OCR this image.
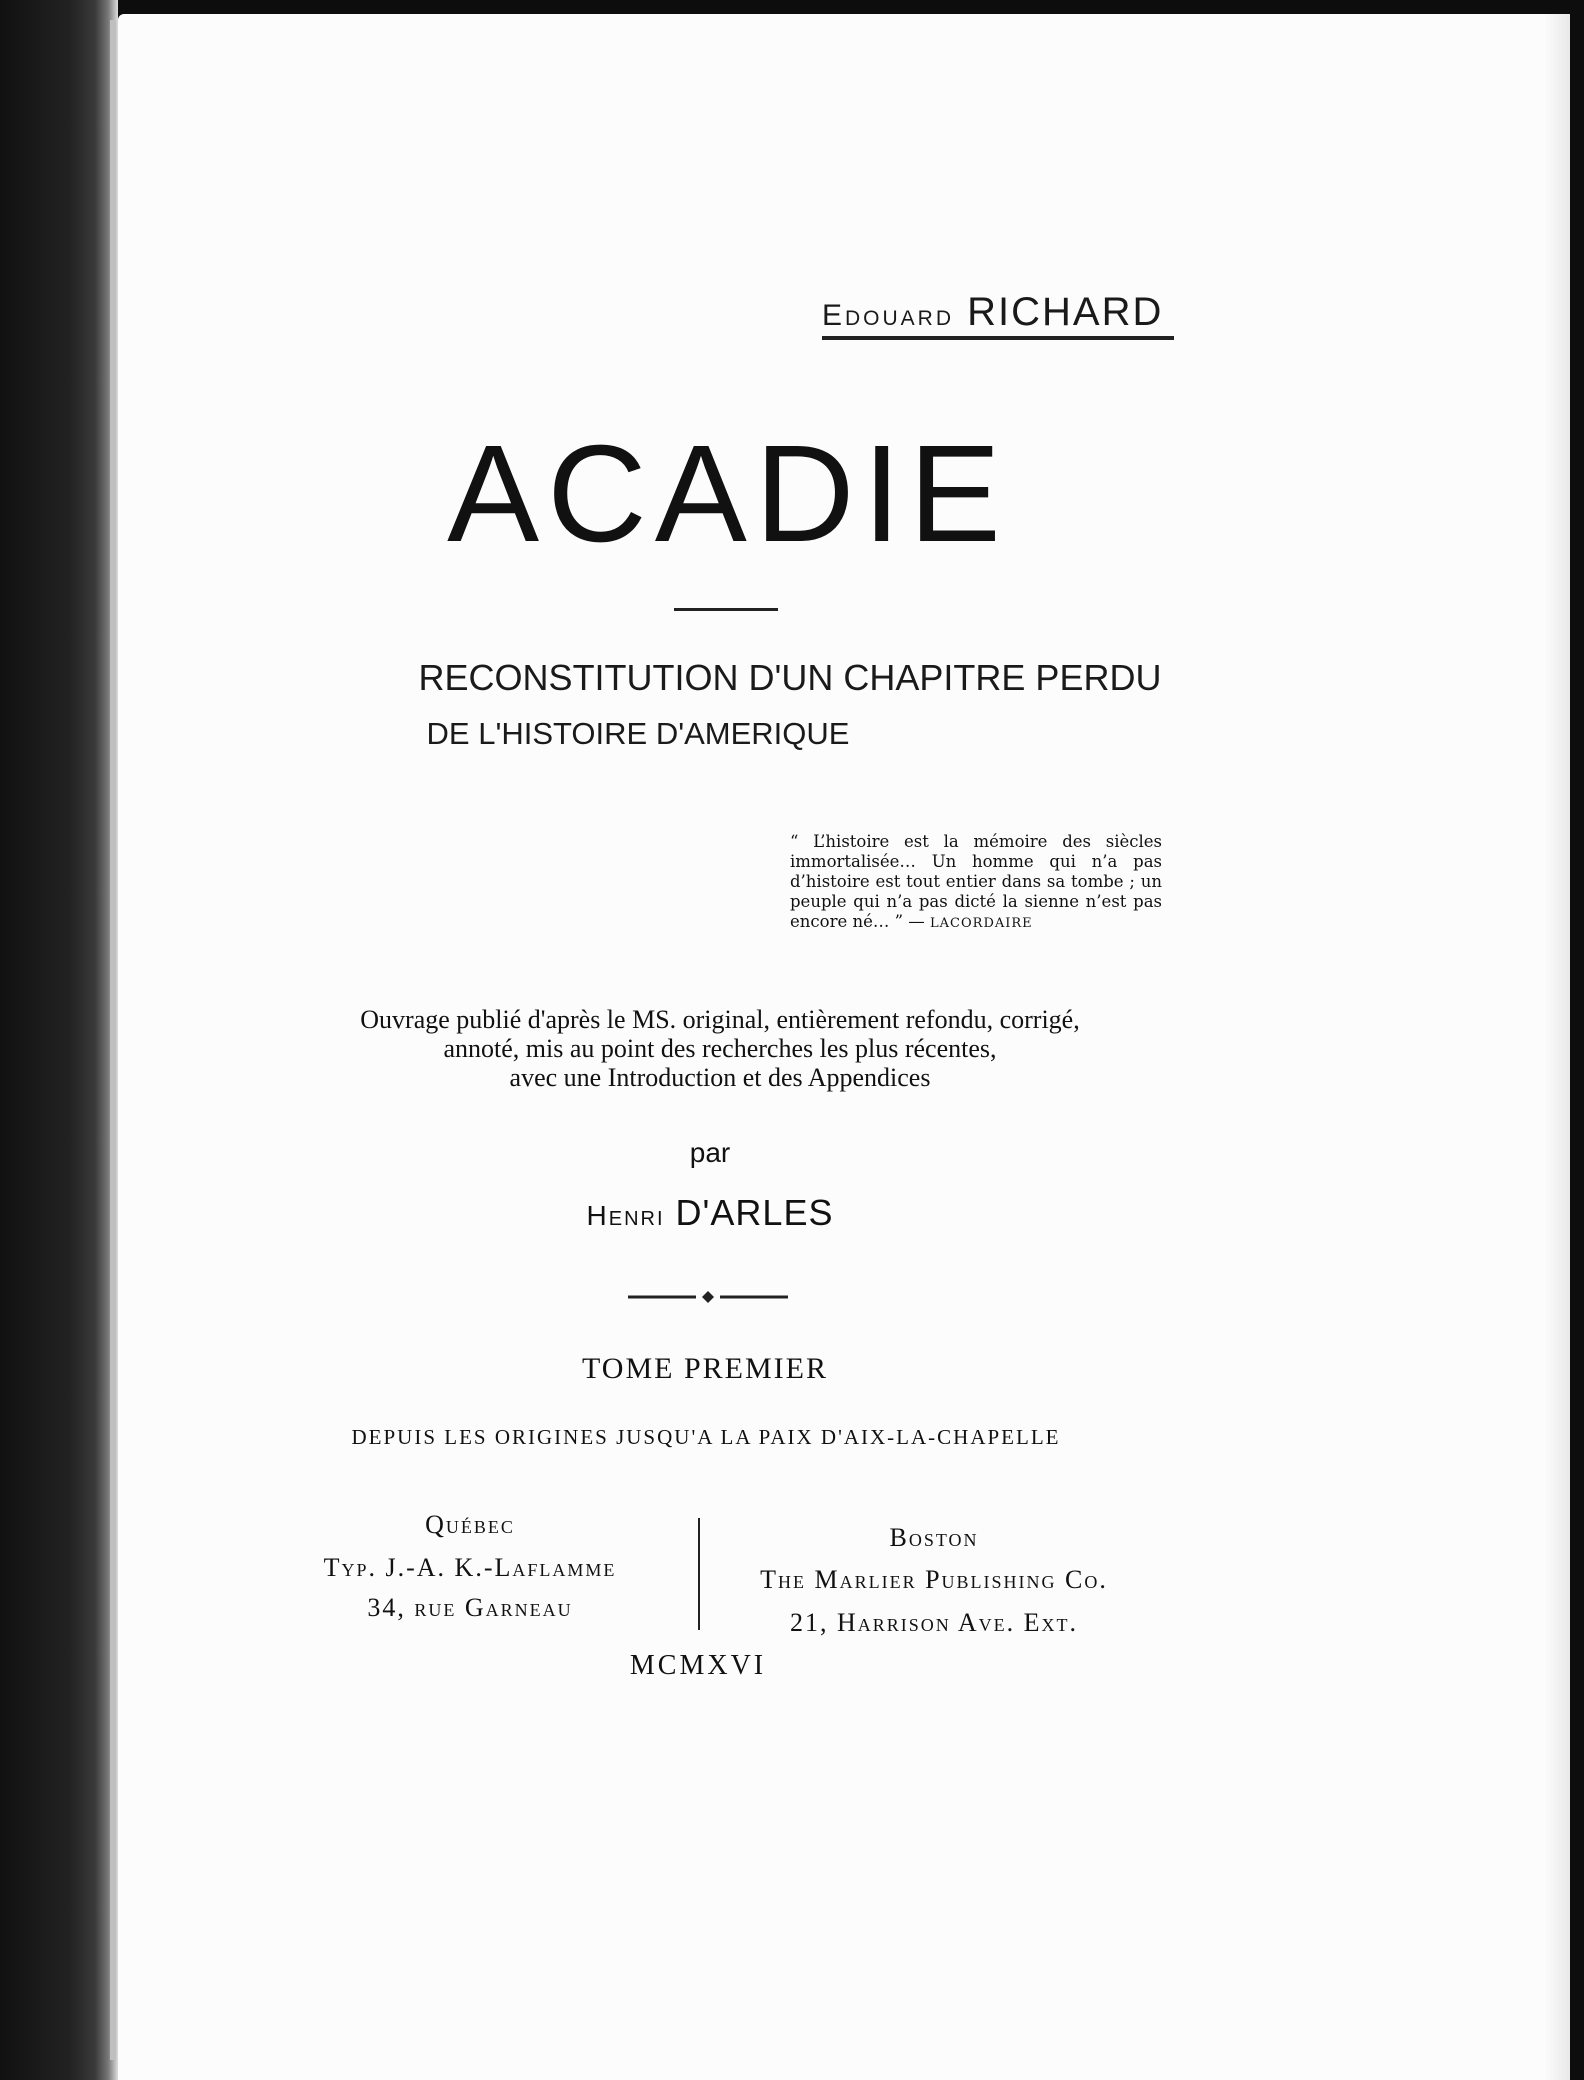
Edouard RICHARD
ACADIE
RECONSTITUTION D'UN CHAPITRE PERDU
DE L'HISTOIRE D'AMERIQUE
“ L’histoire est la mémoire des siècles immortalisée… Un homme qui n’a pas d’histoire est tout entier dans sa tombe ; un peuple qui n’a pas dicté la sienne n’est pas encore né… ” — LACORDAIRE
Ouvrage publié d'après le MS. original, entièrement refondu, corrigé,
annoté, mis au point des recherches les plus récentes,
avec une Introduction et des Appendices
par
Henri D'ARLES
TOME PREMIER
DEPUIS LES ORIGINES JUSQU'A LA PAIX D'AIX-LA-CHAPELLE
Québec
Typ. J.-A. K.-Laflamme
34, rue Garneau
Boston
The Marlier Publishing Co.
21, Harrison Ave. Ext.
MCMXVI
